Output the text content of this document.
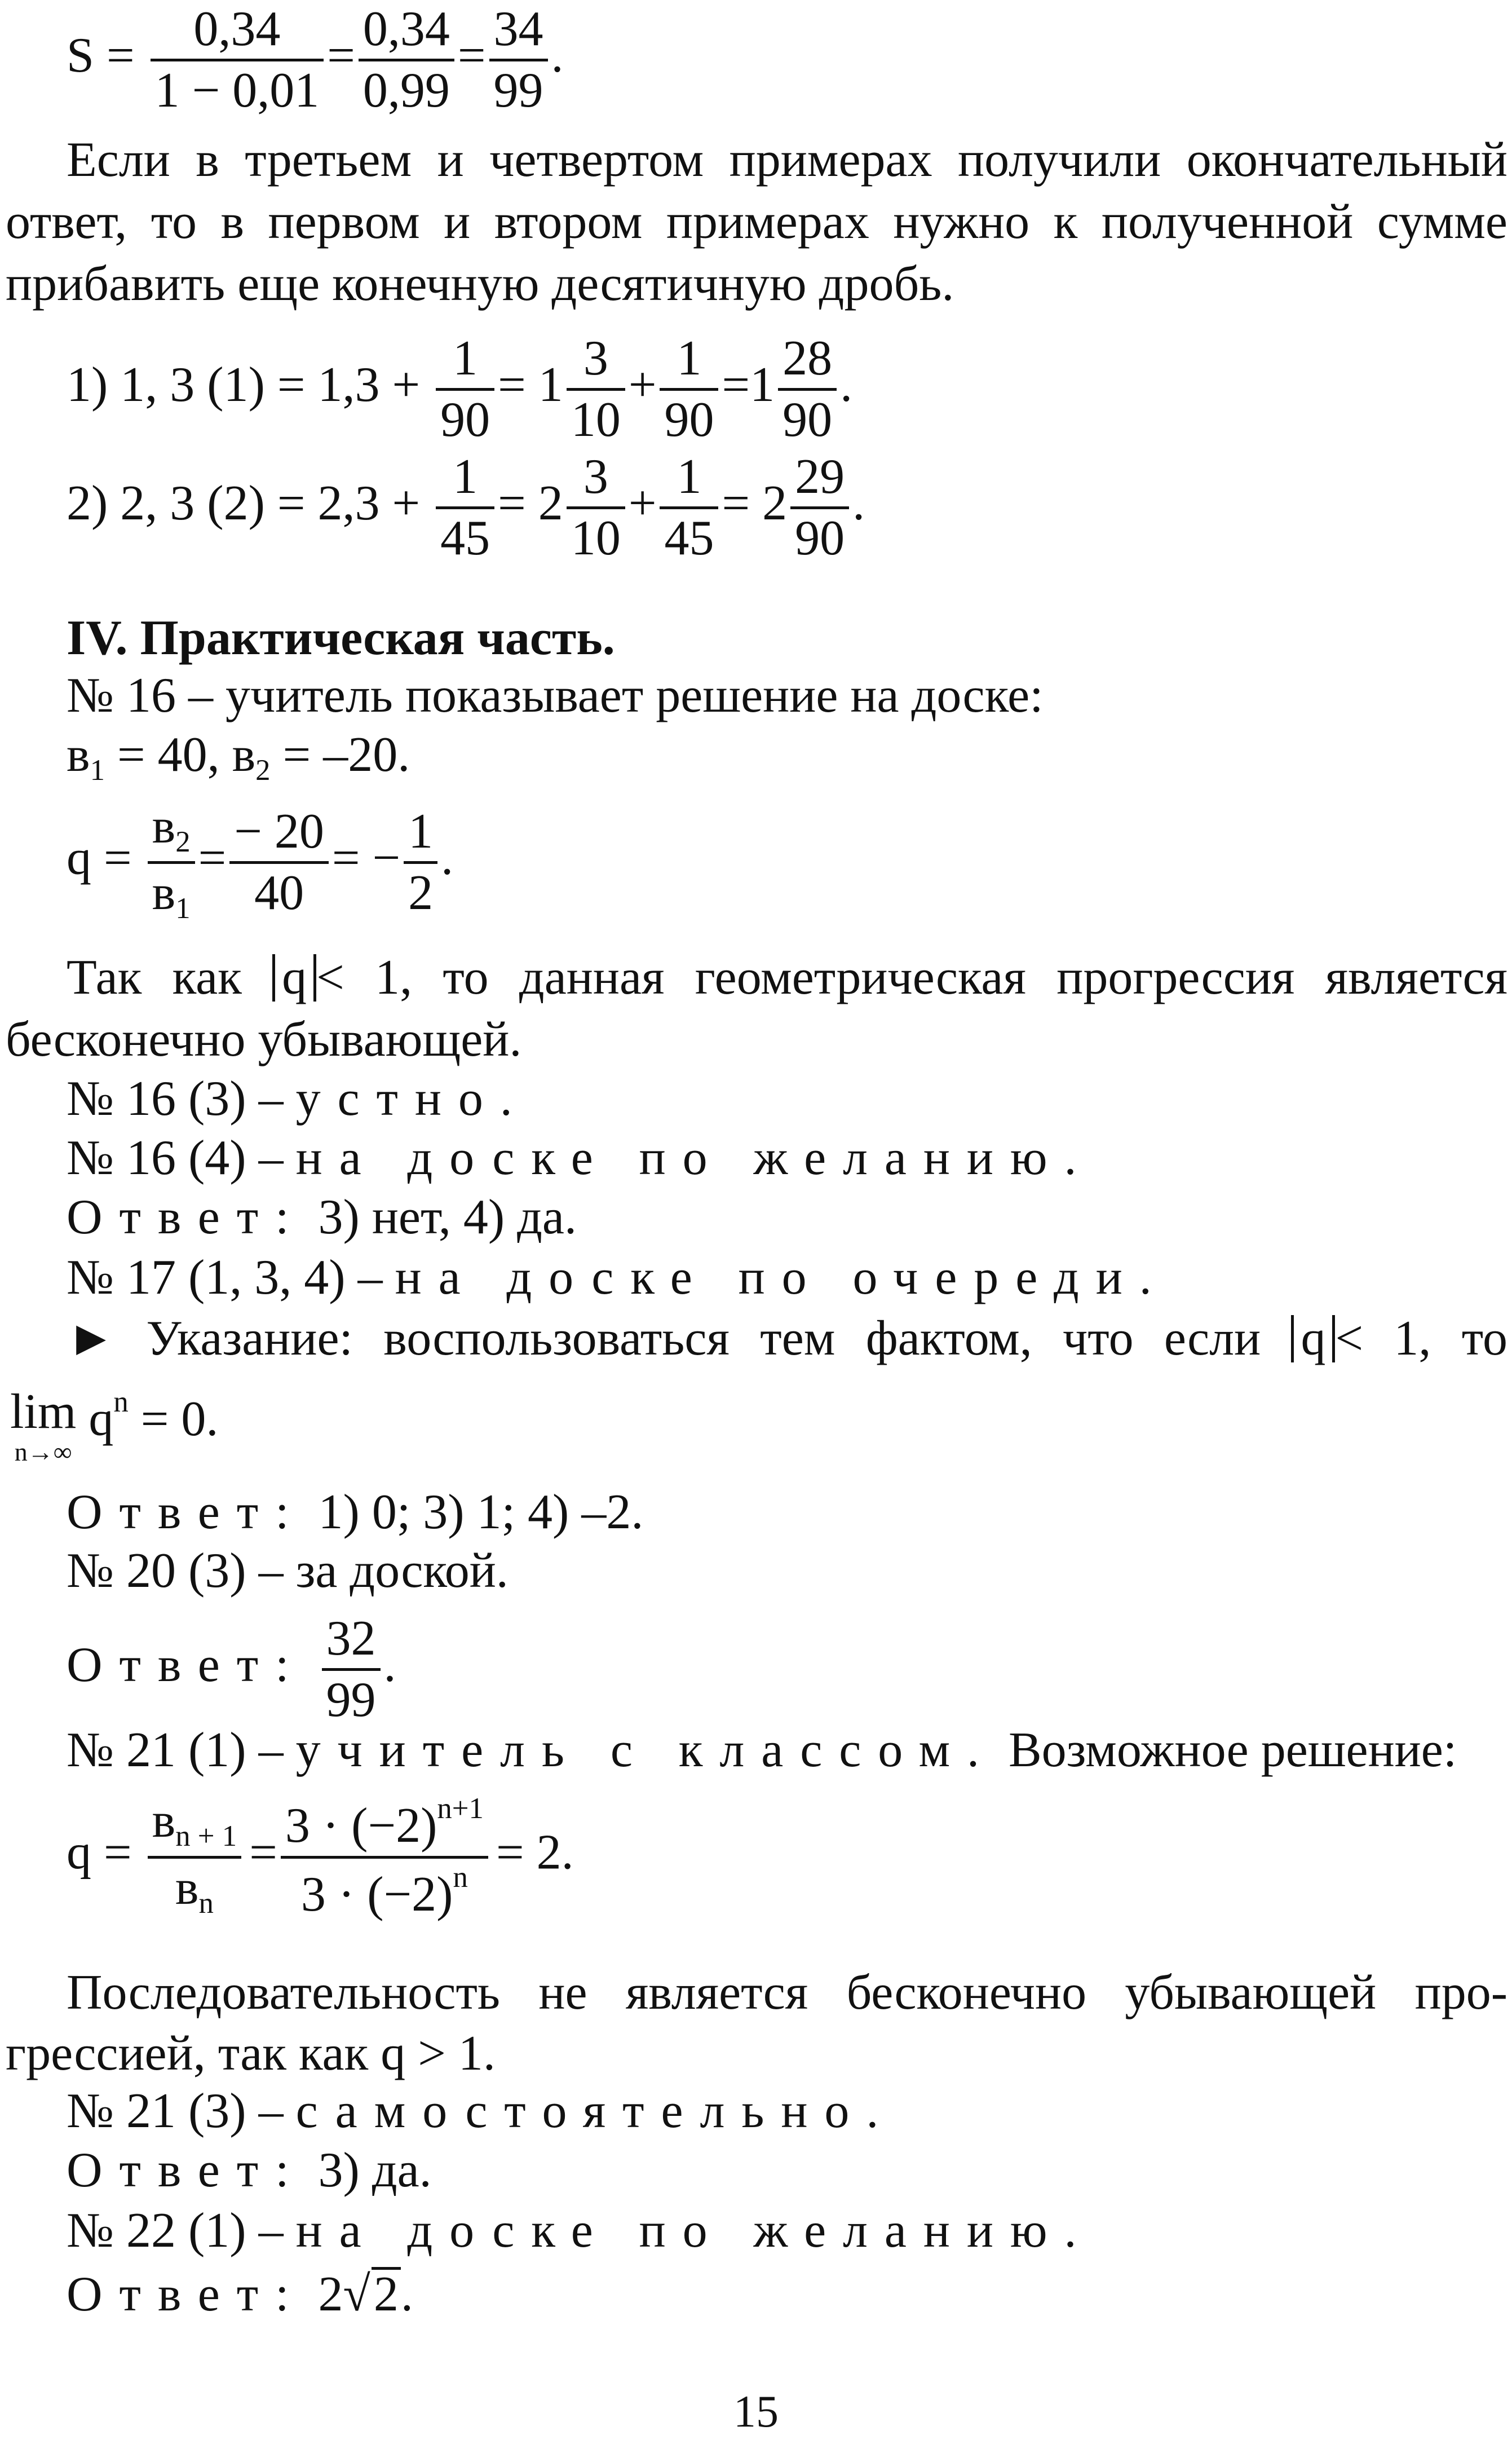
$S = \frac{0,34}{1 - 0,01} = \frac{0,34}{0,99} = \frac{34}{99}$ .
Если в третьем и четвертом примерах получили окончательный
ответ, то в первом и втором примерах нужно к полученной сумме
прибавить еще конечную десятичную дробь.
1) 1, 3 $(1) = 1,3 + \frac{1}{90} = 1 \frac{3}{10} + \frac{1}{90} =1 \frac{28}{90}$ .
2) 2, 3 $(2) = 2,3 + \frac{1}{45} = 2 \frac{3}{10} + \frac{1}{45} = 2 \frac{29}{90}$ .
IV. Практическая часть.
№ 16 – учитель показывает решение на доске:
$в_1 = 40$, $в_2 = -20$.
$q = \frac{в_2}{в_1} = \frac{- 20}{40}$ = − $\frac{1}{2}$ .
Так как q < 1, то данная геометрическая прогрессия является
бесконечно убывающей.
№ 16 (3) – устно.
№ 16 (4) – на доске по желанию.
Ответ: 3) нет, 4) да.
№ 17 (1, 3, 4) – на доске по очереди.
► Указание: воспользоваться тем фактом, что если q < 1, то
lim
n→∞
$q^n = 0$.
Ответ: 1) 0; 3) 1; 4) –2.
№ 20 (3) – за доской.
Ответ: $\frac{32}{99}$ .
№ 21 (1) – учитель с классом. Возможное решение:
$q = \frac{в_{n + 1}}{в_n} = \frac{3 \cdot (-2)^{n+1}}{3 \cdot (-2)^n} = 2$.
Последовательность не является бесконечно убывающей про-
грессией, так как q > 1.
№ 21 (3) – самостоятельно.
Ответ: 3) да.
№ 22 (1) – на доске по желанию.
Ответ: 2√2.
15
